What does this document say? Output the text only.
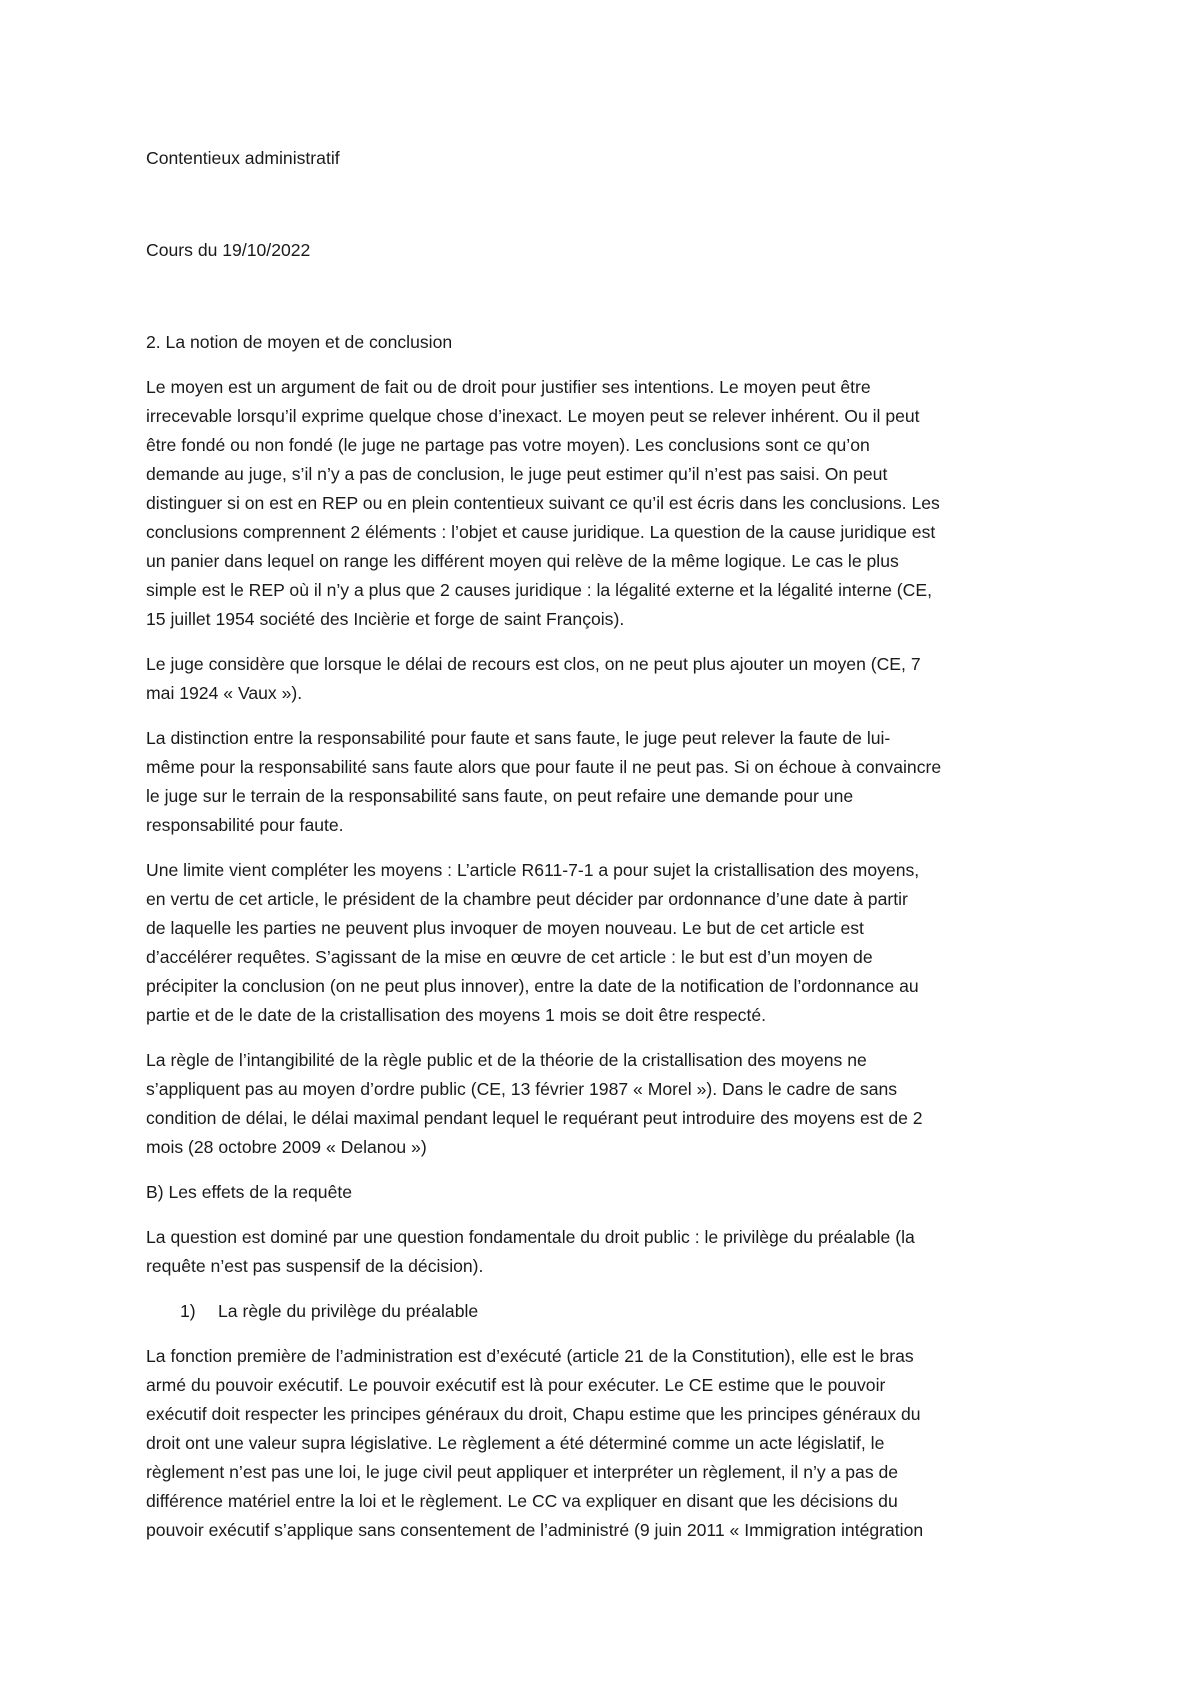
Contentieux administratif

Cours du 19/10/2022

2. La notion de moyen et de conclusion

Le moyen est un argument de fait ou de droit pour justifier ses intentions. Le moyen peut être

irrecevable lorsqu’il exprime quelque chose d’inexact. Le moyen peut se relever inhérent. Ou il peut

être fondé ou non fondé (le juge ne partage pas votre moyen). Les conclusions sont ce qu’on

demande au juge, s’il n’y a pas de conclusion, le juge peut estimer qu’il n’est pas saisi. On peut

distinguer si on est en REP ou en plein contentieux suivant ce qu’il est écris dans les conclusions. Les

conclusions comprennent 2 éléments : l’objet et cause juridique. La question de la cause juridique est

un panier dans lequel on range les différent moyen qui relève de la même logique. Le cas le plus

simple est le REP où il n’y a plus que 2 causes juridique : la légalité externe et la légalité interne (CE,

15 juillet 1954 société des Incièrie et forge de saint François).

Le juge considère que lorsque le délai de recours est clos, on ne peut plus ajouter un moyen (CE, 7

mai 1924 « Vaux »).

La distinction entre la responsabilité pour faute et sans faute, le juge peut relever la faute de lui-

même pour la responsabilité sans faute alors que pour faute il ne peut pas. Si on échoue à convaincre

le juge sur le terrain de la responsabilité sans faute, on peut refaire une demande pour une

responsabilité pour faute.

Une limite vient compléter les moyens : L’article R611-7-1 a pour sujet la cristallisation des moyens,

en vertu de cet article, le président de la chambre peut décider par ordonnance d’une date à partir

de laquelle les parties ne peuvent plus invoquer de moyen nouveau. Le but de cet article est

d’accélérer requêtes. S’agissant de la mise en œuvre de cet article : le but est d’un moyen de

précipiter la conclusion (on ne peut plus innover), entre la date de la notification de l’ordonnance au

partie et de le date de la cristallisation des moyens 1 mois se doit être respecté.

La règle de l’intangibilité de la règle public et de la théorie de la cristallisation des moyens ne

s’appliquent pas au moyen d’ordre public (CE, 13 février 1987 « Morel »). Dans le cadre de sans

condition de délai, le délai maximal pendant lequel le requérant peut introduire des moyens est de 2

mois (28 octobre 2009 « Delanou »)

B) Les effets de la requête

La question est dominé par une question fondamentale du droit public : le privilège du préalable (la

requête n’est pas suspensif de la décision).

1) La règle du privilège du préalable

La fonction première de l’administration est d’exécuté (article 21 de la Constitution), elle est le bras

armé du pouvoir exécutif. Le pouvoir exécutif est là pour exécuter. Le CE estime que le pouvoir

exécutif doit respecter les principes généraux du droit, Chapu estime que les principes généraux du

droit ont une valeur supra législative. Le règlement a été déterminé comme un acte législatif, le

règlement n’est pas une loi, le juge civil peut appliquer et interpréter un règlement, il n’y a pas de

différence matériel entre la loi et le règlement. Le CC va expliquer en disant que les décisions du

pouvoir exécutif s’applique sans consentement de l’administré (9 juin 2011 « Immigration intégration
